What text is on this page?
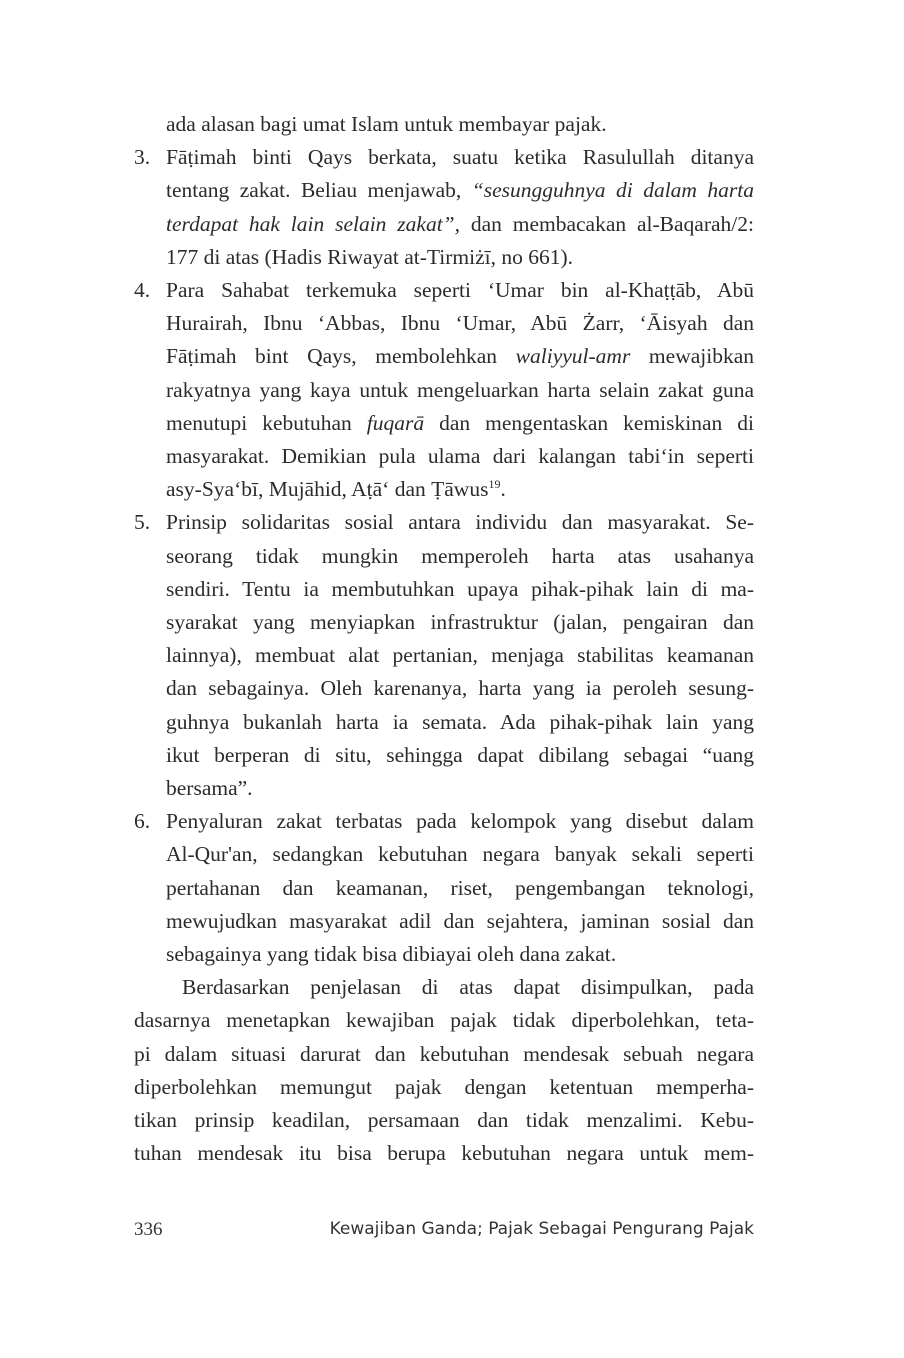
ada alasan bagi umat Islam untuk membayar pajak.
3. Fāṭimah binti Qays berkata, suatu ketika Rasulullah ditanya
tentang zakat. Beliau menjawab, “sesungguhnya di dalam harta
terdapat hak lain selain zakat”, dan membacakan al-Baqarah/2:
177 di atas (Hadis Riwayat at-Tirmiżī, no 661).
4. Para Sahabat terkemuka seperti ‘Umar bin al-Khaṭṭāb, Abū
Hurairah, Ibnu ‘Abbas, Ibnu ‘Umar, Abū Żarr, ‘Āisyah dan
Fāṭimah bint Qays, membolehkan waliyyul-amr mewajibkan
rakyatnya yang kaya untuk mengeluarkan harta selain zakat guna
menutupi kebutuhan fuqarā dan mengentaskan kemiskinan di
masyarakat. Demikian pula ulama dari kalangan tabi‘in seperti
asy-Sya‘bī, Mujāhid, Aṭā‘ dan Ṭāwus$^{19}$.
5. Prinsip solidaritas sosial antara individu dan masyarakat. Se-
seorang tidak mungkin memperoleh harta atas usahanya
sendiri. Tentu ia membutuhkan upaya pihak-pihak lain di ma-
syarakat yang menyiapkan infrastruktur (jalan, pengairan dan
lainnya), membuat alat pertanian, menjaga stabilitas keamanan
dan sebagainya. Oleh karenanya, harta yang ia peroleh sesung-
guhnya bukanlah harta ia semata. Ada pihak-pihak lain yang
ikut berperan di situ, sehingga dapat dibilang sebagai “uang
bersama”.
6. Penyaluran zakat terbatas pada kelompok yang disebut dalam
Al-Qur'an, sedangkan kebutuhan negara banyak sekali seperti
pertahanan dan keamanan, riset, pengembangan teknologi,
mewujudkan masyarakat adil dan sejahtera, jaminan sosial dan
sebagainya yang tidak bisa dibiayai oleh dana zakat.
Berdasarkan penjelasan di atas dapat disimpulkan, pada
dasarnya menetapkan kewajiban pajak tidak diperbolehkan, teta-
pi dalam situasi darurat dan kebutuhan mendesak sebuah negara
diperbolehkan memungut pajak dengan ketentuan memperha-
tikan prinsip keadilan, persamaan dan tidak menzalimi. Kebu-
tuhan mendesak itu bisa berupa kebutuhan negara untuk mem-
336	Kewajiban Ganda; Pajak Sebagai Pengurang Pajak
